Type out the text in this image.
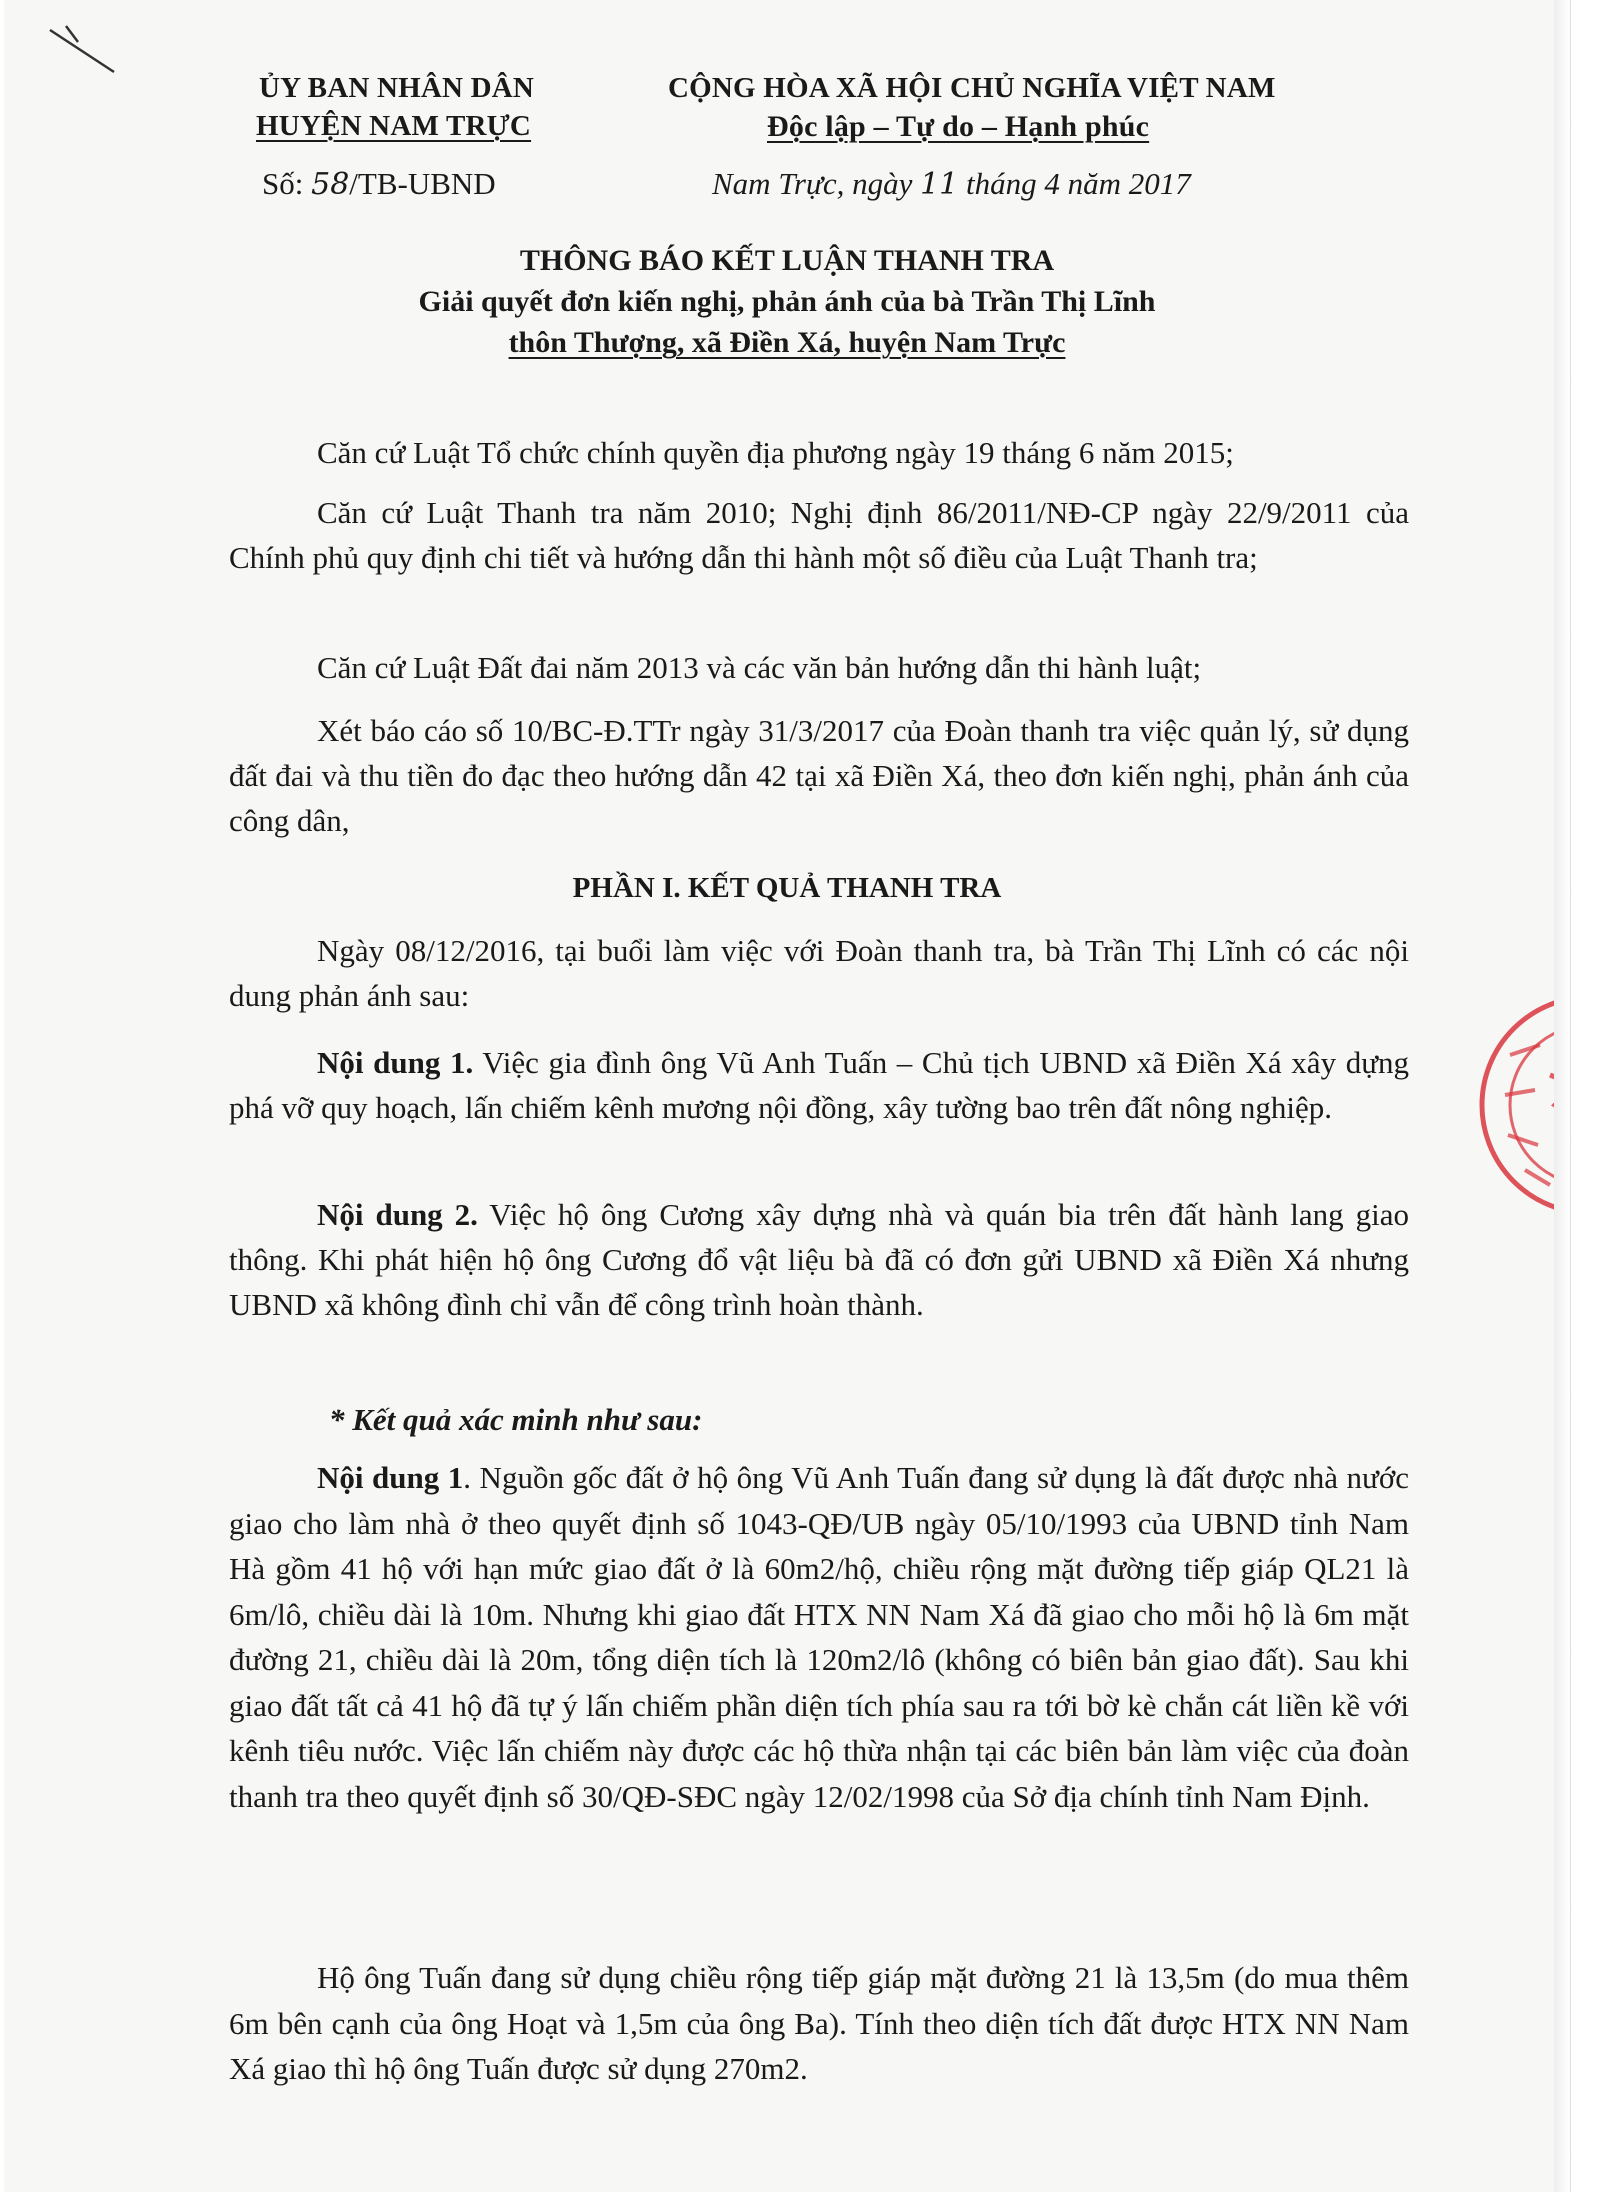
ỦY BAN NHÂN DÂN
HUYỆN NAM TRỰC
Số: 58/TB-UBND
CỘNG HÒA XÃ HỘI CHỦ NGHĨA VIỆT NAM
Độc lập – Tự do – Hạnh phúc
Nam Trực, ngày 11 tháng 4 năm 2017
THÔNG BÁO KẾT LUẬN THANH TRA
Giải quyết đơn kiến nghị, phản ánh của bà Trần Thị Lĩnh
thôn Thượng, xã Điền Xá, huyện Nam Trực
Căn cứ Luật Tổ chức chính quyền địa phương ngày 19 tháng 6 năm 2015;
Căn cứ Luật Thanh tra năm 2010; Nghị định 86/2011/NĐ-CP ngày 22/9/2011 của Chính phủ quy định chi tiết và hướng dẫn thi hành một số điều của Luật Thanh tra;
Căn cứ Luật Đất đai năm 2013 và các văn bản hướng dẫn thi hành luật;
Xét báo cáo số 10/BC-Đ.TTr ngày 31/3/2017 của Đoàn thanh tra việc quản lý, sử dụng đất đai và thu tiền đo đạc theo hướng dẫn 42 tại xã Điền Xá, theo đơn kiến nghị, phản ánh của công dân,
PHẦN I. KẾT QUẢ THANH TRA
Ngày 08/12/2016, tại buổi làm việc với Đoàn thanh tra, bà Trần Thị Lĩnh có các nội dung phản ánh sau:
Nội dung 1. Việc gia đình ông Vũ Anh Tuấn – Chủ tịch UBND xã Điền Xá xây dựng phá vỡ quy hoạch, lấn chiếm kênh mương nội đồng, xây tường bao trên đất nông nghiệp.
Nội dung 2. Việc hộ ông Cương xây dựng nhà và quán bia trên đất hành lang giao thông. Khi phát hiện hộ ông Cương đổ vật liệu bà đã có đơn gửi UBND xã Điền Xá nhưng UBND xã không đình chỉ vẫn để công trình hoàn thành.
* Kết quả xác minh như sau:
Nội dung 1. Nguồn gốc đất ở hộ ông Vũ Anh Tuấn đang sử dụng là đất được nhà nước giao cho làm nhà ở theo quyết định số 1043-QĐ/UB ngày 05/10/1993 của UBND tỉnh Nam Hà gồm 41 hộ với hạn mức giao đất ở là 60m2/hộ, chiều rộng mặt đường tiếp giáp QL21 là 6m/lô, chiều dài là 10m. Nhưng khi giao đất HTX NN Nam Xá đã giao cho mỗi hộ là 6m mặt đường 21, chiều dài là 20m, tổng diện tích là 120m2/lô (không có biên bản giao đất). Sau khi giao đất tất cả 41 hộ đã tự ý lấn chiếm phần diện tích phía sau ra tới bờ kè chắn cát liền kề với kênh tiêu nước. Việc lấn chiếm này được các hộ thừa nhận tại các biên bản làm việc của đoàn thanh tra theo quyết định số 30/QĐ-SĐC ngày 12/02/1998 của Sở địa chính tỉnh Nam Định.
Hộ ông Tuấn đang sử dụng chiều rộng tiếp giáp mặt đường 21 là 13,5m (do mua thêm 6m bên cạnh của ông Hoạt và 1,5m của ông Ba). Tính theo diện tích đất được HTX NN Nam Xá giao thì hộ ông Tuấn được sử dụng 270m2.
